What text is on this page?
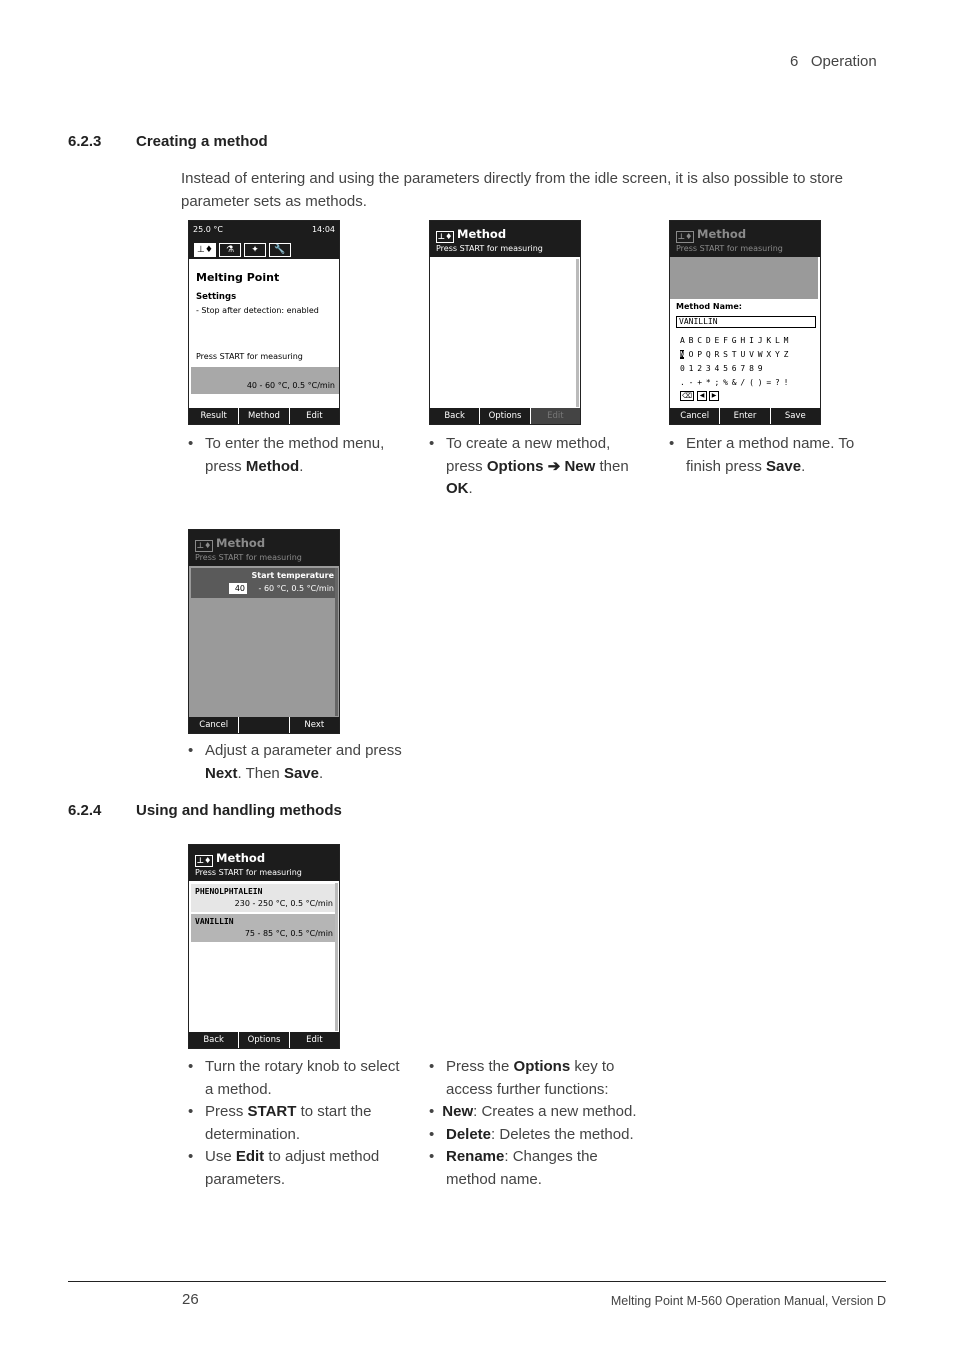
6 Operation
6.2.3 Creating a method
Instead of entering and using the parameters directly from the idle screen, it is also possible to store parameter sets as methods.
25.0 °C	14:04
⊥♦	⚗	✦	🔧
Melting Point
Settings
- Stop after detection: enabled
Press START for measuring
40 - 60 °C, 0.5 °C/min
Result	Method	Edit
⊥♦ Method
Press START for measuring
Back	Options	Edit
⊥♦ Method
Press START for measuring
Method Name:
VANILLIN
A B C D E F G H I J K L M
N O P Q R S T U V W X Y Z
0 1 2 3 4 5 6 7 8 9
. - + * ; % & / ( ) = ? !
⌫	◀	▶
Cancel	Enter	Save
• To enter the method menu, press Method.
• To create a new method, press Options ➔ New then OK.
• Enter a method name. To finish press Save.
⊥♦ Method
Press START for measuring
Start temperature
40 - 60 °C, 0.5 °C/min
Cancel	Next
• Adjust a parameter and press Next. Then Save.
6.2.4 Using and handling methods
⊥♦ Method
Press START for measuring
PHENOLPHTALEIN
230 - 250 °C, 0.5 °C/min
VANILLIN
75 - 85 °C, 0.5 °C/min
Back	Options	Edit
• Turn the rotary knob to select a method.
• Press START to start the determination.
• Use Edit to adjust method parameters.
• Press the Options key to access further functions:
• New: Creates a new method.
• Delete: Deletes the method.
• Rename: Changes the method name.
26	Melting Point M-560 Operation Manual, Version D
